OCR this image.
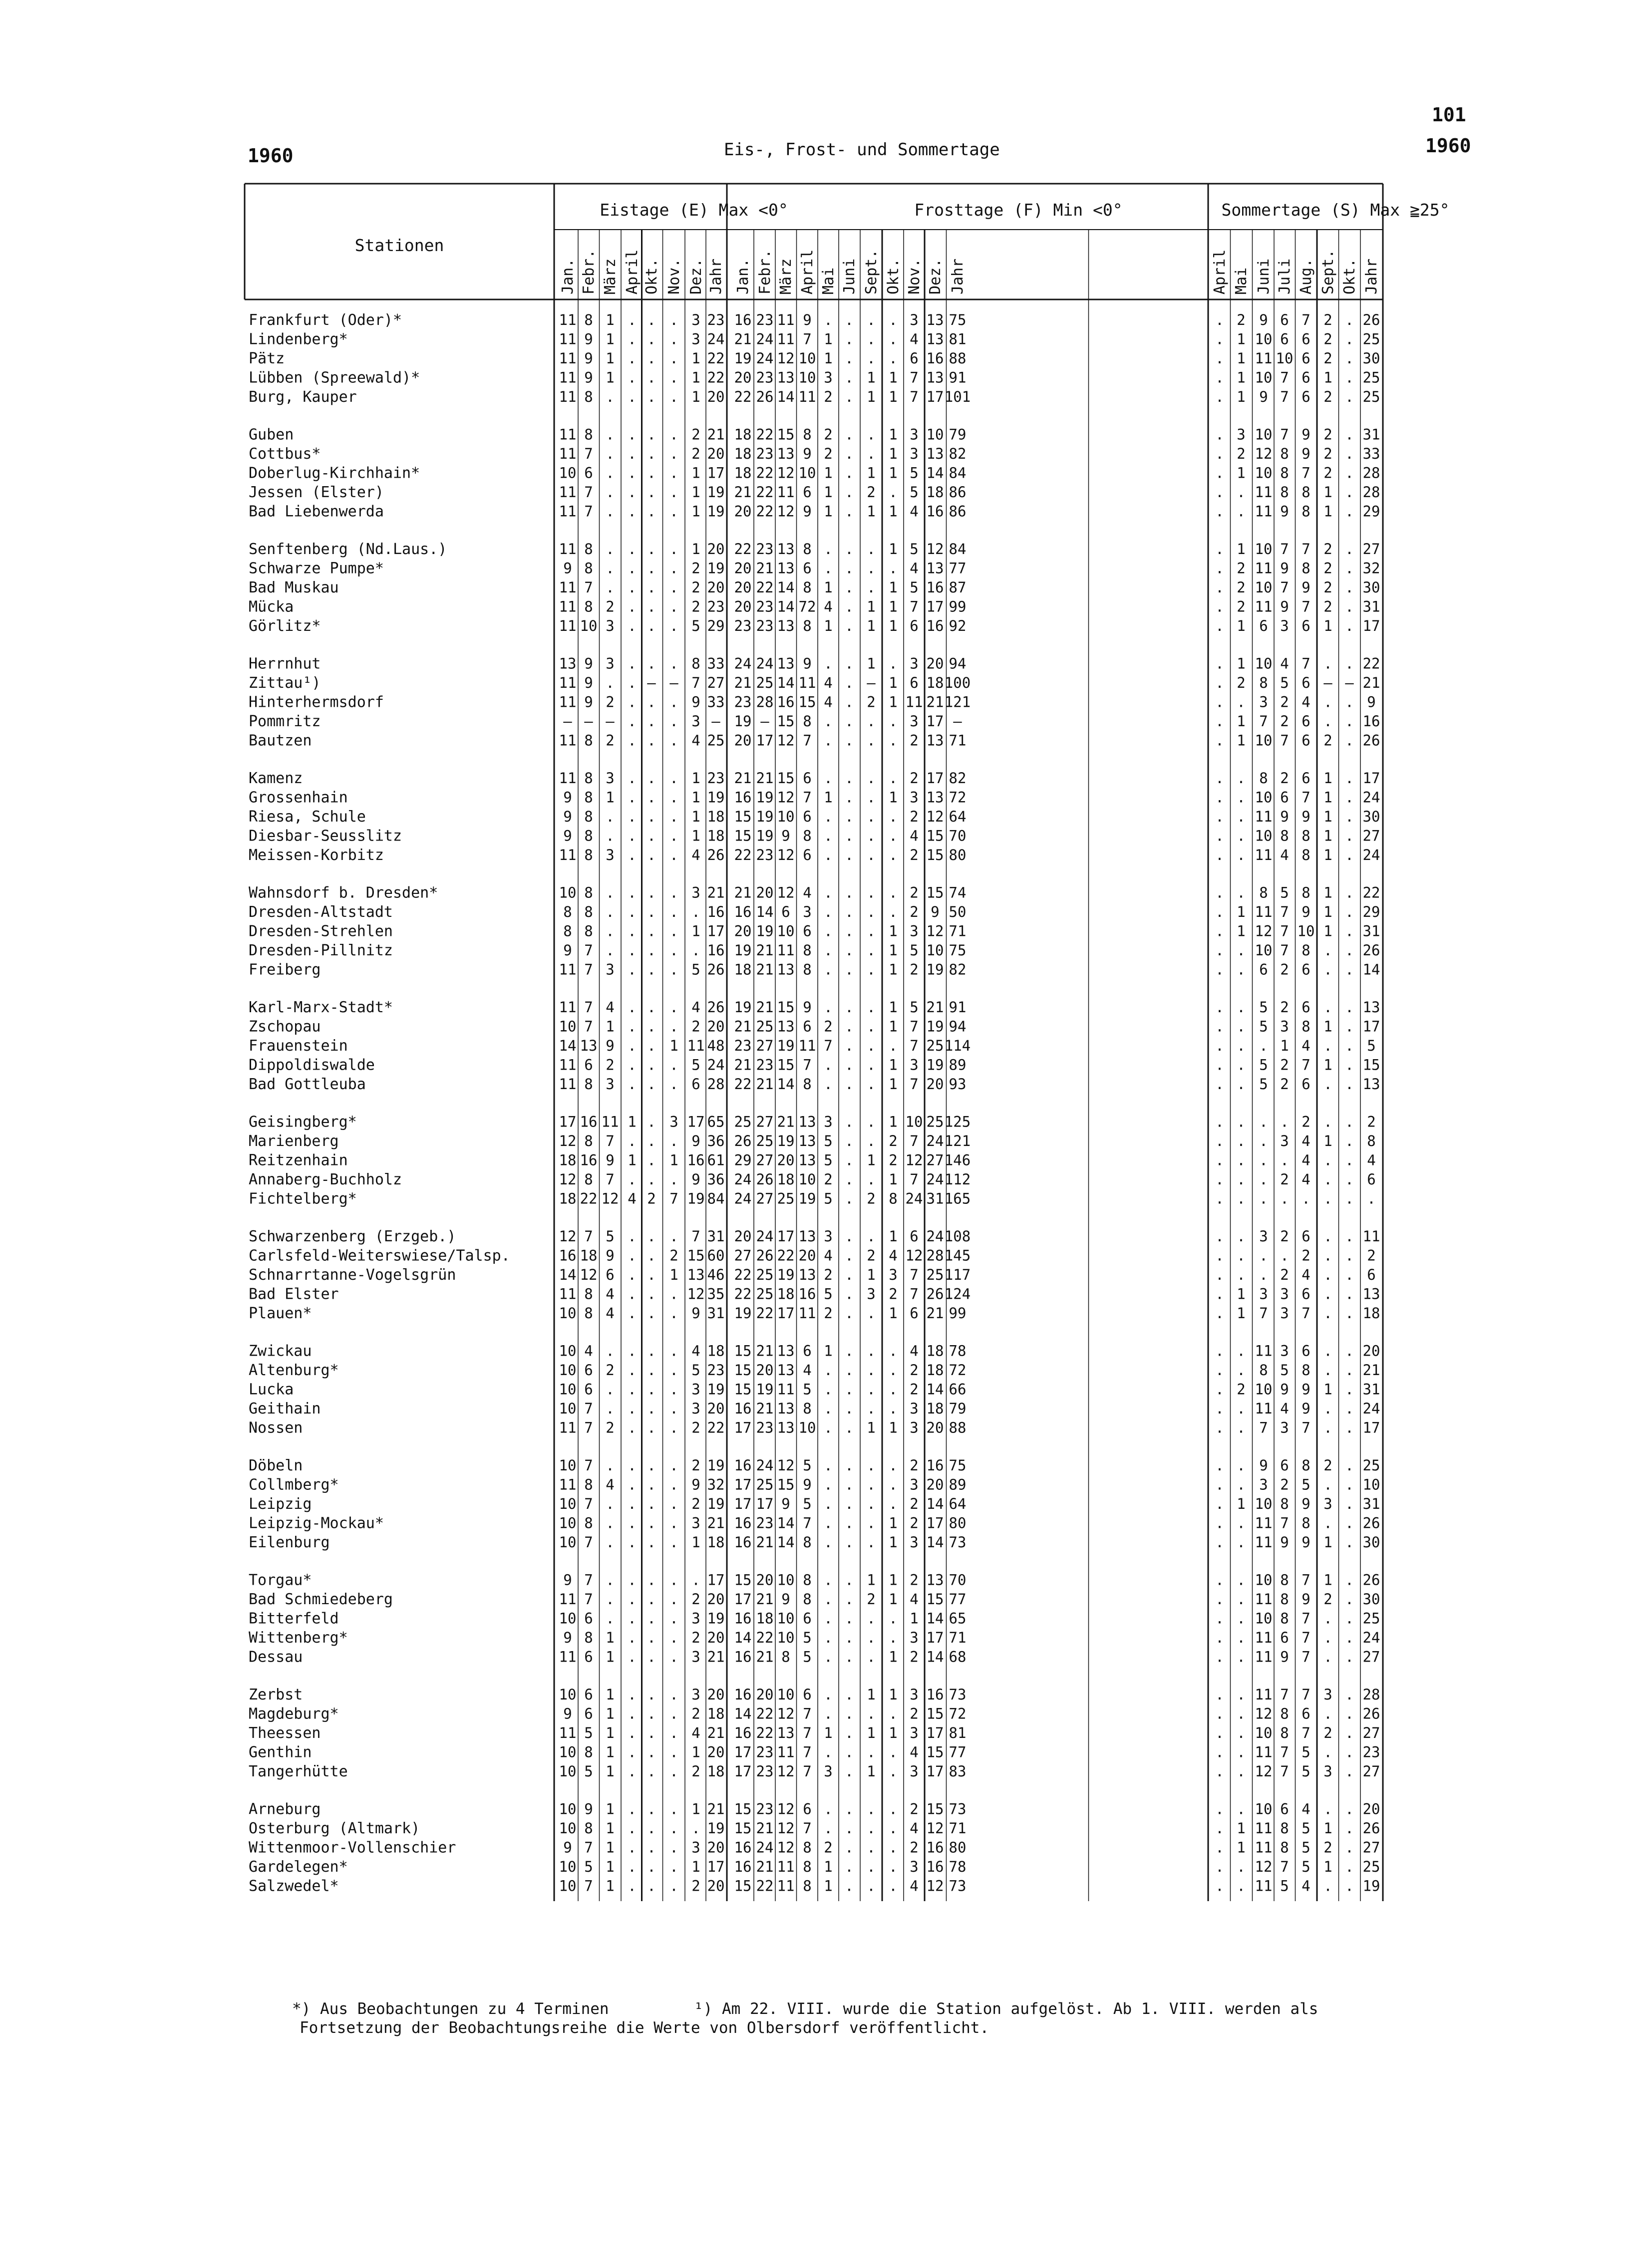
101
1960	Eis-, Frost- und Sommertage	1960
Stationen
Eistage (E) Max <0°	Frosttage (F) Min <0°	Sommertage (S) Max ≧25°
Jan. Febr. März April Okt. Nov. Dez. Jahr Jan. Febr. März April Mai Juni Sept. Okt. Nov. Dez. Jahr	April Mai Juni Juli Aug. Sept. Okt. Jahr
Frankfurt (Oder)*	11 8 1 . . . 3 23 16 23 11 9 . . . . 3 13 75	. 2 9 6 7 2 . 26
Lindenberg*	11 9 1 . . . 3 24 21 24 11 7 1 . . . 4 13 81	. 1 10 6 6 2 . 25
Pätz	11 9 1 . . . 1 22 19 24 12 10 1 . . . 6 16 88	. 1 11 10 6 2 . 30
Lübben (Spreewald)*	11 9 1 . . . 1 22 20 23 13 10 3 . 1 1 7 13 91	. 1 10 7 6 1 . 25
Burg, Kauper	11 8 . . . . 1 20 22 26 14 11 2 . 1 1 7 17 101	. 1 9 7 6 2 . 25
Guben	11 8 . . . . 2 21 18 22 15 8 2 . . 1 3 10 79	. 3 10 7 9 2 . 31
Cottbus*	11 7 . . . . 2 20 18 23 13 9 2 . . 1 3 13 82	. 2 12 8 9 2 . 33
Doberlug-Kirchhain*	10 6 . . . . 1 17 18 22 12 10 1 . 1 1 5 14 84	. 1 10 8 7 2 . 28
Jessen (Elster)	11 7 . . . . 1 19 21 22 11 6 1 . 2 . 5 18 86	. . 11 8 8 1 . 28
Bad Liebenwerda	11 7 . . . . 1 19 20 22 12 9 1 . 1 1 4 16 86	. . 11 9 8 1 . 29
Senftenberg (Nd.Laus.)	11 8 . . . . 1 20 22 23 13 8 . . . 1 5 12 84	. 1 10 7 7 2 . 27
Schwarze Pumpe*	9 8 . . . . 2 19 20 21 13 6 . . . . 4 13 77	. 2 11 9 8 2 . 32
Bad Muskau	11 7 . . . . 2 20 20 22 14 8 1 . . 1 5 16 87	. 2 10 7 9 2 . 30
Mücka	11 8 2 . . . 2 23 20 23 14 72 4 . 1 1 7 17 99	. 2 11 9 7 2 . 31
Görlitz*	11 10 3 . . . 5 29 23 23 13 8 1 . 1 1 6 16 92	. 1 6 3 6 1 . 17
Herrnhut	13 9 3 . . . 8 33 24 24 13 9 . . 1 . 3 20 94	. 1 10 4 7 . . 22
Zittau¹)	11 9 . . – – 7 27 21 25 14 11 4 . – 1 6 18 100	. 2 8 5 6 – – 21
Hinterhermsdorf	11 9 2 . . . 9 33 23 28 16 15 4 . 2 1 11 21 121	. . 3 2 4 . . 9
Pommritz	– – – . . . 3 – 19 – 15 8 . . . . 3 17 –	. 1 7 2 6 . . 16
Bautzen	11 8 2 . . . 4 25 20 17 12 7 . . . . 2 13 71	. 1 10 7 6 2 . 26
Kamenz	11 8 3 . . . 1 23 21 21 15 6 . . . . 2 17 82	. . 8 2 6 1 . 17
Grossenhain	9 8 1 . . . 1 19 16 19 12 7 1 . . 1 3 13 72	. . 10 6 7 1 . 24
Riesa, Schule	9 8 . . . . 1 18 15 19 10 6 . . . . 2 12 64	. . 11 9 9 1 . 30
Diesbar-Seusslitz	9 8 . . . . 1 18 15 19 9 8 . . . . 4 15 70	. . 10 8 8 1 . 27
Meissen-Korbitz	11 8 3 . . . 4 26 22 23 12 6 . . . . 2 15 80	. . 11 4 8 1 . 24
Wahnsdorf b. Dresden*	10 8 . . . . 3 21 21 20 12 4 . . . . 2 15 74	. . 8 5 8 1 . 22
Dresden-Altstadt	8 8 . . . . . 16 16 14 6 3 . . . . 2 9 50	. 1 11 7 9 1 . 29
Dresden-Strehlen	8 8 . . . . 1 17 20 19 10 6 . . . 1 3 12 71	. 1 12 7 10 1 . 31
Dresden-Pillnitz	9 7 . . . . . 16 19 21 11 8 . . . 1 5 10 75	. . 10 7 8 . . 26
Freiberg	11 7 3 . . . 5 26 18 21 13 8 . . . 1 2 19 82	. . 6 2 6 . . 14
Karl-Marx-Stadt*	11 7 4 . . . 4 26 19 21 15 9 . . . 1 5 21 91	. . 5 2 6 . . 13
Zschopau	10 7 1 . . . 2 20 21 25 13 6 2 . . 1 7 19 94	. . 5 3 8 1 . 17
Frauenstein	14 13 9 . . 1 11 48 23 27 19 11 7 . . . 7 25 114	. . . 1 4 . . 5
Dippoldiswalde	11 6 2 . . . 5 24 21 23 15 7 . . . 1 3 19 89	. . 5 2 7 1 . 15
Bad Gottleuba	11 8 3 . . . 6 28 22 21 14 8 . . . 1 7 20 93	. . 5 2 6 . . 13
Geisingberg*	17 16 11 1 . 3 17 65 25 27 21 13 3 . . 1 10 25 125	. . . . 2 . . 2
Marienberg	12 8 7 . . . 9 36 26 25 19 13 5 . . 2 7 24 121	. . . 3 4 1 . 8
Reitzenhain	18 16 9 1 . 1 16 61 29 27 20 13 5 . 1 2 12 27 146	. . . . 4 . . 4
Annaberg-Buchholz	12 8 7 . . . 9 36 24 26 18 10 2 . . 1 7 24 112	. . . 2 4 . . 6
Fichtelberg*	18 22 12 4 2 7 19 84 24 27 25 19 5 . 2 8 24 31 165	. . . . . . . .
Schwarzenberg (Erzgeb.)	12 7 5 . . . 7 31 20 24 17 13 3 . . 1 6 24 108	. . 3 2 6 . . 11
Carlsfeld-Weiterswiese/Talsp.	16 18 9 . . 2 15 60 27 26 22 20 4 . 2 4 12 28 145	. . . . 2 . . 2
Schnarrtanne-Vogelsgrün	14 12 6 . . 1 13 46 22 25 19 13 2 . 1 3 7 25 117	. . . 2 4 . . 6
Bad Elster	11 8 4 . . . 12 35 22 25 18 16 5 . 3 2 7 26 124	. 1 3 3 6 . . 13
Plauen*	10 8 4 . . . 9 31 19 22 17 11 2 . . 1 6 21 99	. 1 7 3 7 . . 18
Zwickau	10 4 . . . . 4 18 15 21 13 6 1 . . . 4 18 78	. . 11 3 6 . . 20
Altenburg*	10 6 2 . . . 5 23 15 20 13 4 . . . . 2 18 72	. . 8 5 8 . . 21
Lucka	10 6 . . . . 3 19 15 19 11 5 . . . . 2 14 66	. 2 10 9 9 1 . 31
Geithain	10 7 . . . . 3 20 16 21 13 8 . . . . 3 18 79	. . 11 4 9 . . 24
Nossen	11 7 2 . . . 2 22 17 23 13 10 . . 1 1 3 20 88	. . 7 3 7 . . 17
Döbeln	10 7 . . . . 2 19 16 24 12 5 . . . . 2 16 75	. . 9 6 8 2 . 25
Collmberg*	11 8 4 . . . 9 32 17 25 15 9 . . . . 3 20 89	. . 3 2 5 . . 10
Leipzig	10 7 . . . . 2 19 17 17 9 5 . . . . 2 14 64	. 1 10 8 9 3 . 31
Leipzig-Mockau*	10 8 . . . . 3 21 16 23 14 7 . . . 1 2 17 80	. . 11 7 8 . . 26
Eilenburg	10 7 . . . . 1 18 16 21 14 8 . . . 1 3 14 73	. . 11 9 9 1 . 30
Torgau*	9 7 . . . . . 17 15 20 10 8 . . 1 1 2 13 70	. . 10 8 7 1 . 26
Bad Schmiedeberg	11 7 . . . . 2 20 17 21 9 8 . . 2 1 4 15 77	. . 11 8 9 2 . 30
Bitterfeld	10 6 . . . . 3 19 16 18 10 6 . . . . 1 14 65	. . 10 8 7 . . 25
Wittenberg*	9 8 1 . . . 2 20 14 22 10 5 . . . . 3 17 71	. . 11 6 7 . . 24
Dessau	11 6 1 . . . 3 21 16 21 8 5 . . . 1 2 14 68	. . 11 9 7 . . 27
Zerbst	10 6 1 . . . 3 20 16 20 10 6 . . 1 1 3 16 73	. . 11 7 7 3 . 28
Magdeburg*	9 6 1 . . . 2 18 14 22 12 7 . . . . 2 15 72	. . 12 8 6 . . 26
Theessen	11 5 1 . . . 4 21 16 22 13 7 1 . 1 1 3 17 81	. . 10 8 7 2 . 27
Genthin	10 8 1 . . . 1 20 17 23 11 7 . . . . 4 15 77	. . 11 7 5 . . 23
Tangerhütte	10 5 1 . . . 2 18 17 23 12 7 3 . 1 . 3 17 83	. . 12 7 5 3 . 27
Arneburg	10 9 1 . . . 1 21 15 23 12 6 . . . . 2 15 73	. . 10 6 4 . . 20
Osterburg (Altmark)	10 8 1 . . . . 19 15 21 12 7 . . . . 4 12 71	. 1 11 8 5 1 . 26
Wittenmoor-Vollenschier	9 7 1 . . . 3 20 16 24 12 8 2 . . . 2 16 80	. 1 11 8 5 2 . 27
Gardelegen*	10 5 1 . . . 1 17 16 21 11 8 1 . . . 3 16 78	. . 12 7 5 1 . 25
Salzwedel*	10 7 1 . . . 2 20 15 22 11 8 1 . . . 4 12 73	. . 11 5 4 . . 19
*) Aus Beobachtungen zu 4 Terminen	¹) Am 22. VIII. wurde die Station aufgelöst. Ab 1. VIII. werden als
Fortsetzung der Beobachtungsreihe die Werte von Olbersdorf veröffentlicht.
